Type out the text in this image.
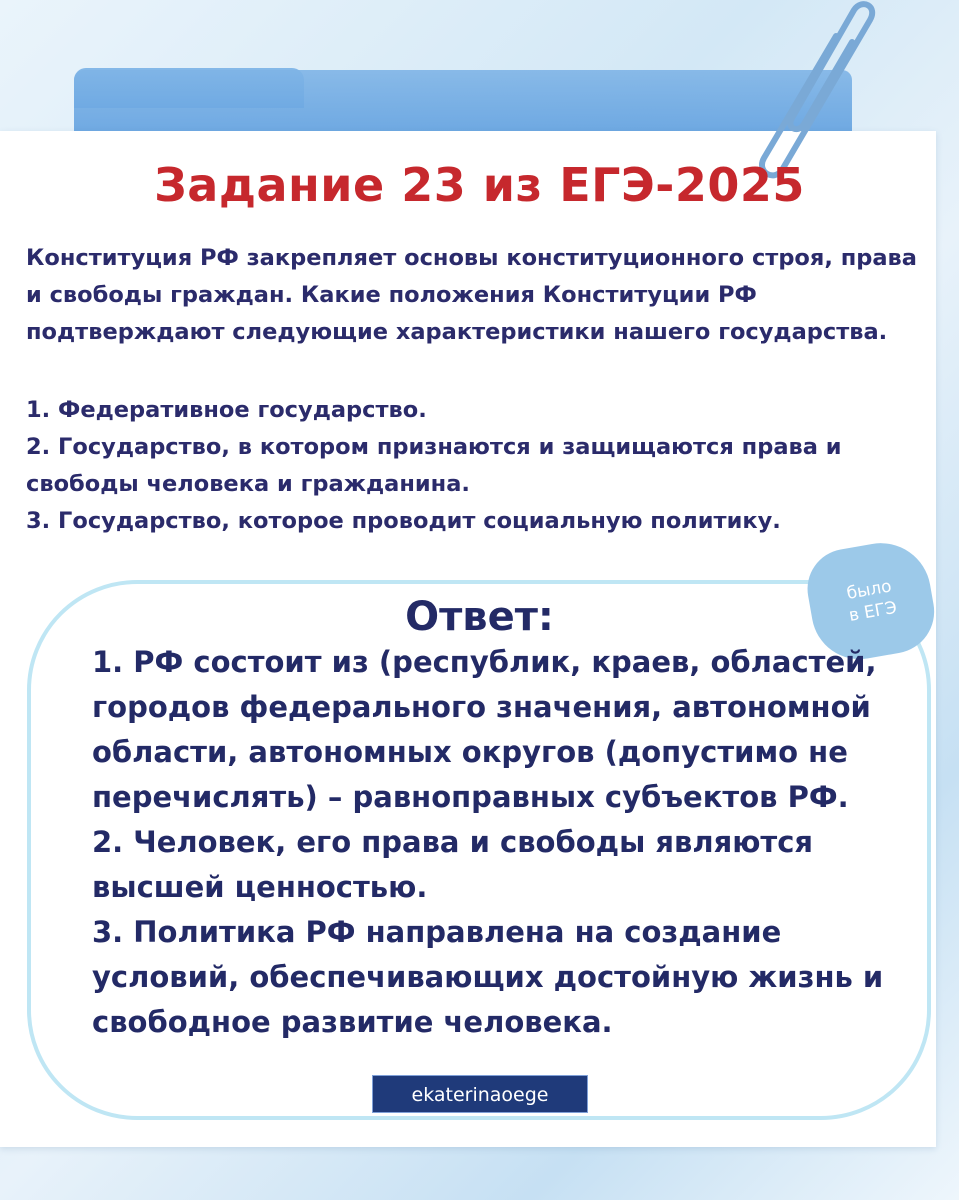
Задание 23 из ЕГЭ-2025
Конституция РФ закрепляет основы конституционного строя, права и свободы граждан. Какие положения Конституции РФ подтверждают следующие характеристики нашего государства.
1. Федеративное государство.
2. Государство, в котором признаются и защищаются права и свободы человека и гражданина.
3. Государство, которое проводит социальную политику.
было
в ЕГЭ
Ответ:
1. РФ состоит из (республик, краев, областей, городов федерального значения, автономной области, автономных округов (допустимо не перечислять) – равноправных субъектов РФ.
2. Человек, его права и свободы являются высшей ценностью.
3. Политика РФ направлена на создание условий, обеспечивающих достойную жизнь и свободное развитие человека.
ekaterinaoege
